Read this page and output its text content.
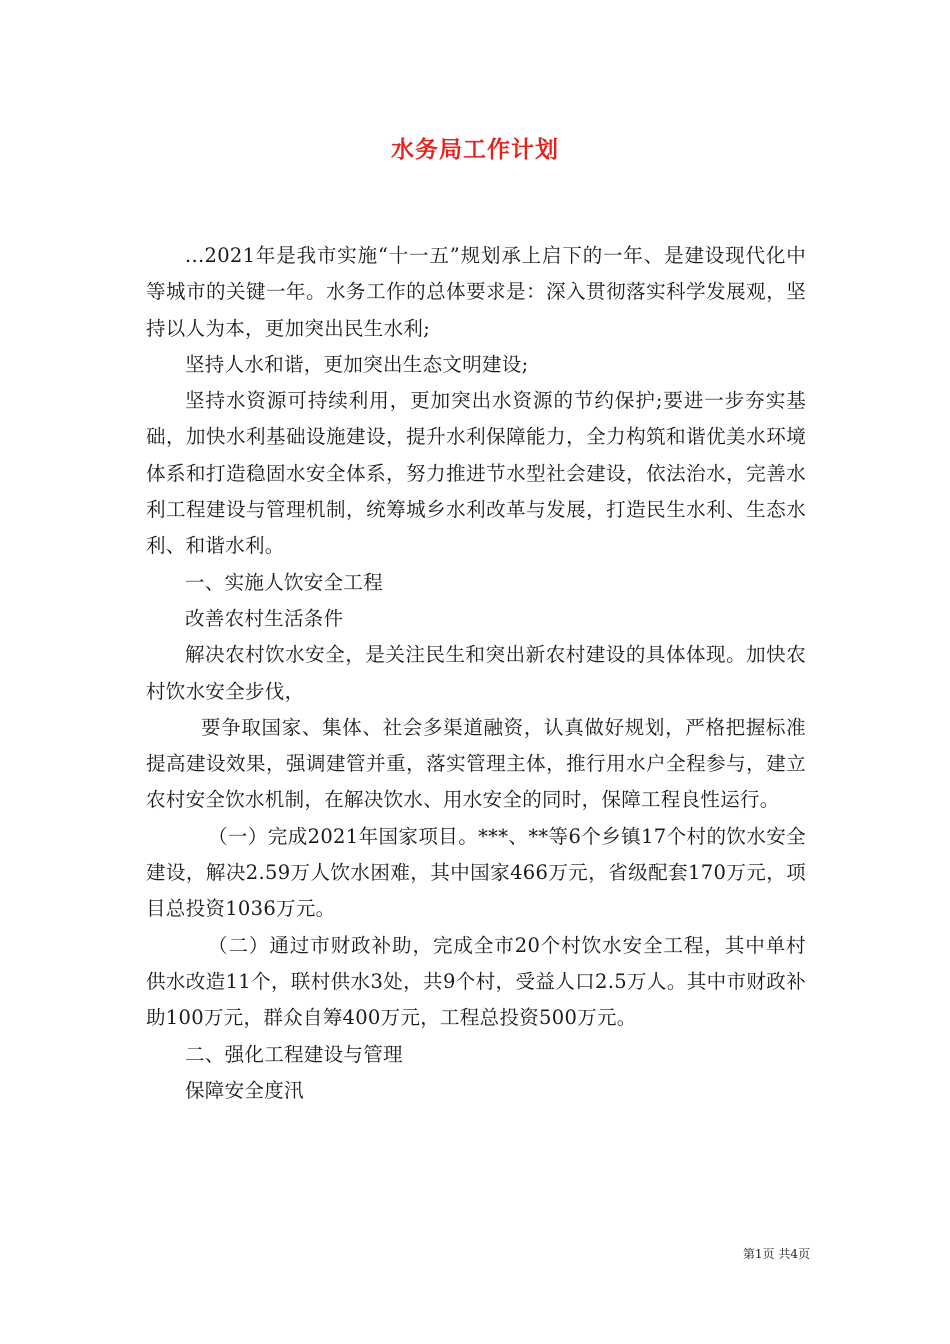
水务局工作计划

...2021年是我市实施“十一五”规划承上启下的一年、是建设现代化中等城市的关键一年。水务工作的总体要求是：深入贯彻落实科学发展观，坚持以人为本，更加突出民生水利;

坚持人水和谐，更加突出生态文明建设;

坚持水资源可持续利用，更加突出水资源的节约保护;要进一步夯实基础，加快水利基础设施建设，提升水利保障能力，全力构筑和谐优美水环境体系和打造稳固水安全体系，努力推进节水型社会建设，依法治水，完善水利工程建设与管理机制，统筹城乡水利改革与发展，打造民生水利、生态水利、和谐水利。

一、实施人饮安全工程

改善农村生活条件

解决农村饮水安全，是关注民生和突出新农村建设的具体体现。加快农村饮水安全步伐，

要争取国家、集体、社会多渠道融资，认真做好规划，严格把握标准提高建设效果，强调建管并重，落实管理主体，推行用水户全程参与，建立农村安全饮水机制，在解决饮水、用水安全的同时，保障工程良性运行。

（一）完成2021年国家项目。***、**等6个乡镇17个村的饮水安全建设，解决2.59万人饮水困难，其中国家466万元，省级配套170万元，项目总投资1036万元。

（二）通过市财政补助，完成全市20个村饮水安全工程，其中单村供水改造11个，联村供水3处，共9个村，受益人口2.5万人。其中市财政补助100万元，群众自筹400万元，工程总投资500万元。

二、强化工程建设与管理

保障安全度汛

第1页 共4页
